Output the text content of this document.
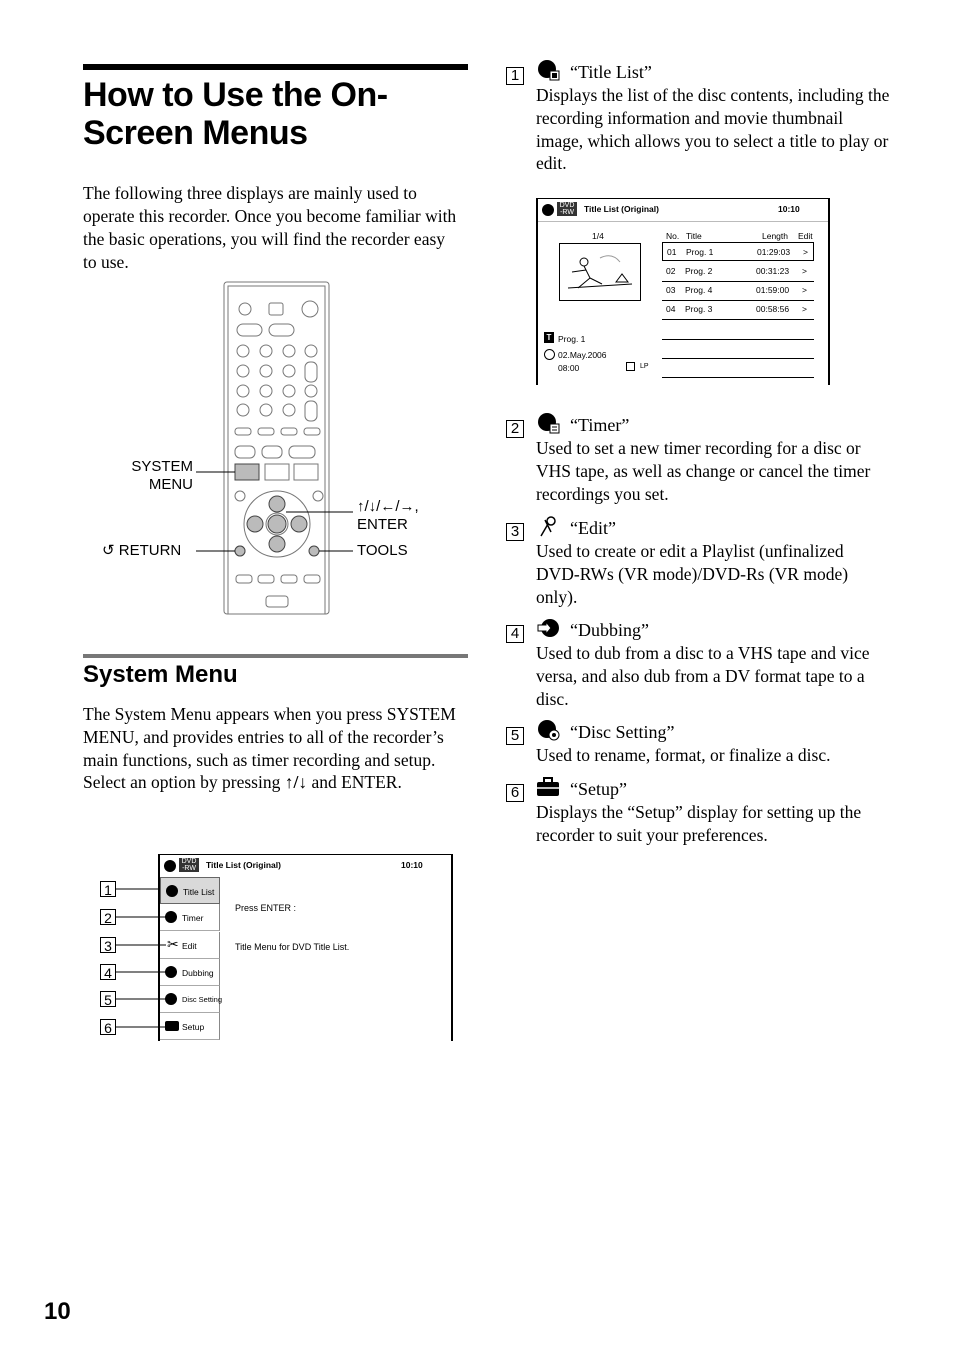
How to Use the On-Screen Menus
The following three displays are mainly used to operate this recorder. Once you become familiar with the basic operations, you will find the recorder easy to use.
SYSTEM
MENU
↑/↓/←/→,
ENTER
↺ RETURN	TOOLS
System Menu

The System Menu appears when you press SYSTEM MENU, and provides entries to all of the recorder’s main functions, such as timer recording and setup.

Select an option by pressing ↑/↓ and ENTER.

1
2
3
4
5
6
DVD
-RW	Title List (Original)	10:10
Title List
Timer
✂ Edit
Dubbing
Disc Setting
Setup
Press ENTER :
Title Menu for DVD Title List.
1	“Title List”
Displays the list of the disc contents, including the recording information and movie thumbnail image, which allows you to select a title to play or edit.
DVD
-RW	Title List (Original)	10:10
1/4	No. Title	Length Edit
01 Prog. 1	01:29:03 >
02 Prog. 2	00:31:23 >
03 Prog. 4	01:59:00 >
04 Prog. 3	00:58:56 >
T Prog. 1
02.May.2006
08:00	LP
2	“Timer”
Used to set a new timer recording for a disc or VHS tape, as well as change or cancel the timer recordings you set.
3	“Edit”
Used to create or edit a Playlist (unfinalized DVD-RWs (VR mode)/DVD-Rs (VR mode) only).
4	“Dubbing”
Used to dub from a disc to a VHS tape and vice versa, and also dub from a DV format tape to a disc.
5	“Disc Setting”
Used to rename, format, or finalize a disc.
6	“Setup”
Displays the “Setup” display for setting up the recorder to suit your preferences.
10
